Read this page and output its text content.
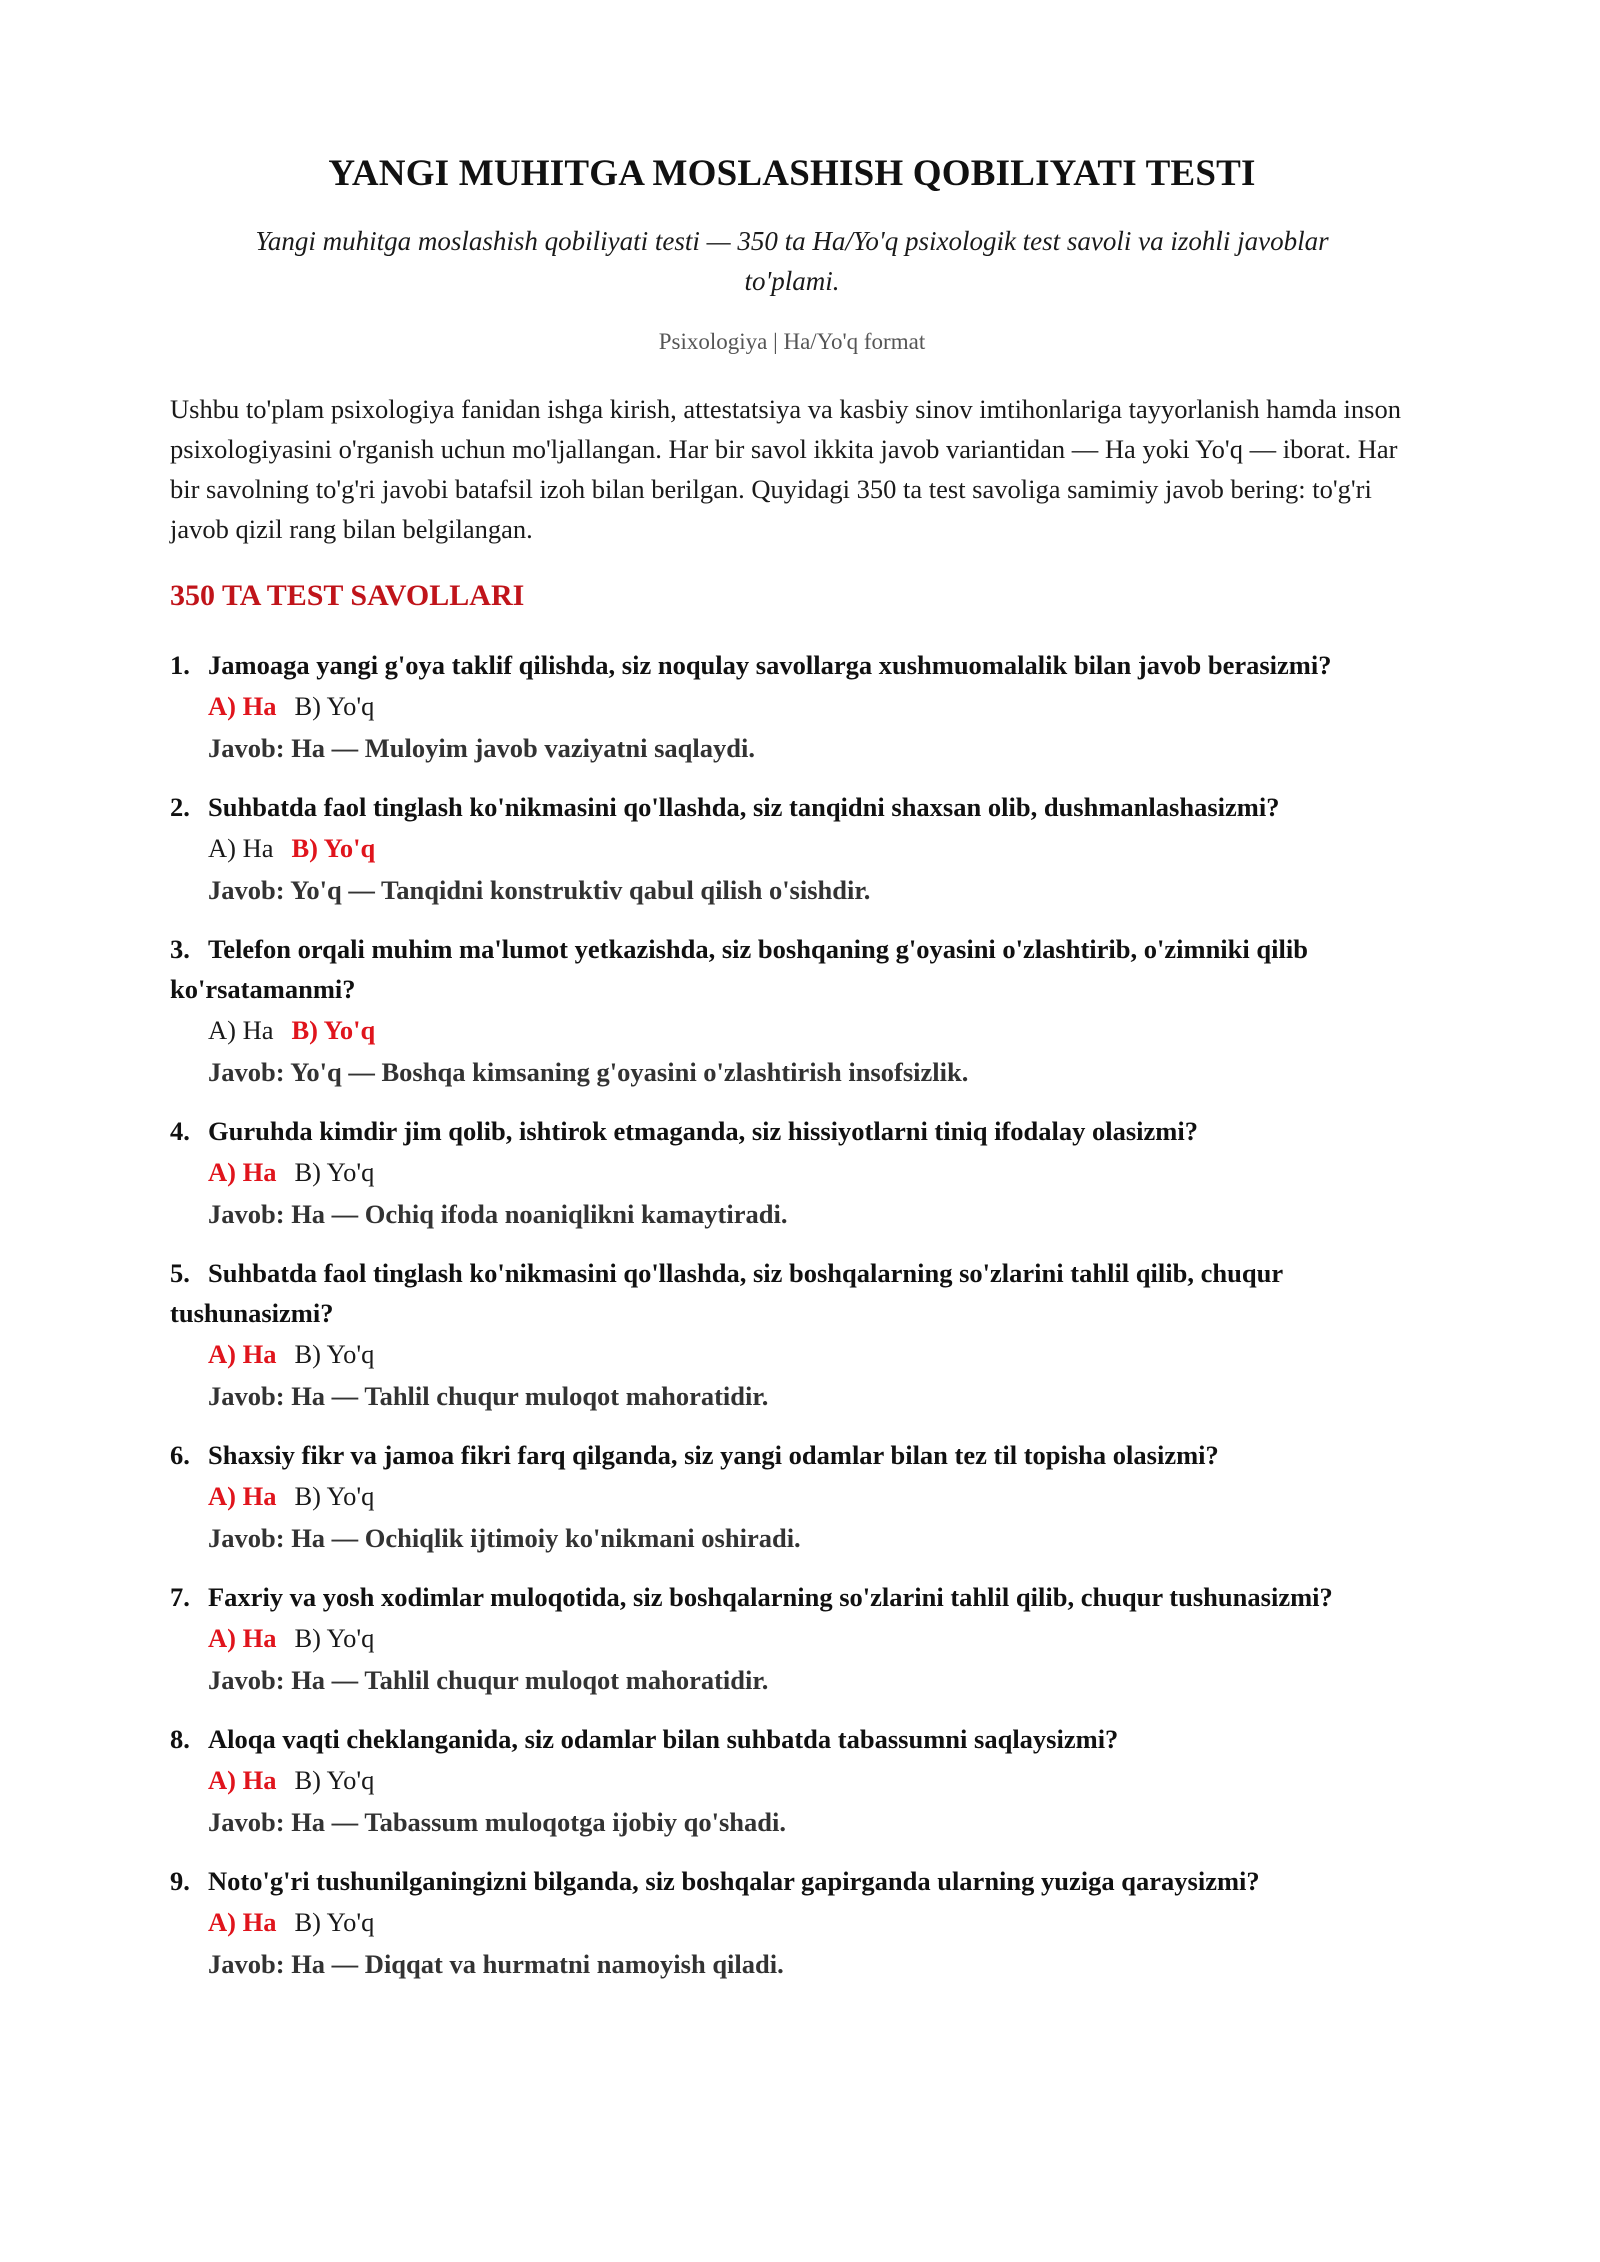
YANGI MUHITGA MOSLASHISH QOBILIYATI TESTI

Yangi muhitga moslashish qobiliyati testi — 350 ta Ha/Yo'q psixologik test savoli va izohli javoblar to'plami.

Psixologiya | Ha/Yo'q format

Ushbu to'plam psixologiya fanidan ishga kirish, attestatsiya va kasbiy sinov imtihonlariga tayyorlanish hamda inson psixologiyasini o'rganish uchun mo'ljallangan. Har bir savol ikkita javob variantidan — Ha yoki Yo'q — iborat. Har bir savolning to'g'ri javobi batafsil izoh bilan berilgan. Quyidagi 350 ta test savoliga samimiy javob bering: to'g'ri javob qizil rang bilan belgilangan.

350 TA TEST SAVOLLARI
1. Jamoaga yangi g'oya taklif qilishda, siz noqulay savollarga xushmuomalalik bilan javob berasizmi?
A) Ha B) Yo'q
Javob: Ha — Muloyim javob vaziyatni saqlaydi.
2. Suhbatda faol tinglash ko'nikmasini qo'llashda, siz tanqidni shaxsan olib, dushmanlashasizmi?
A) Ha B) Yo'q
Javob: Yo'q — Tanqidni konstruktiv qabul qilish o'sishdir.
3. Telefon orqali muhim ma'lumot yetkazishda, siz boshqaning g'oyasini o'zlashtirib, o'zimniki qilib ko'rsatamanmi?
A) Ha B) Yo'q
Javob: Yo'q — Boshqa kimsaning g'oyasini o'zlashtirish insofsizlik.
4. Guruhda kimdir jim qolib, ishtirok etmaganda, siz hissiyotlarni tiniq ifodalay olasizmi?
A) Ha B) Yo'q
Javob: Ha — Ochiq ifoda noaniqlikni kamaytiradi.
5. Suhbatda faol tinglash ko'nikmasini qo'llashda, siz boshqalarning so'zlarini tahlil qilib, chuqur tushunasizmi?
A) Ha B) Yo'q
Javob: Ha — Tahlil chuqur muloqot mahoratidir.
6. Shaxsiy fikr va jamoa fikri farq qilganda, siz yangi odamlar bilan tez til topisha olasizmi?
A) Ha B) Yo'q
Javob: Ha — Ochiqlik ijtimoiy ko'nikmani oshiradi.
7. Faxriy va yosh xodimlar muloqotida, siz boshqalarning so'zlarini tahlil qilib, chuqur tushunasizmi?
A) Ha B) Yo'q
Javob: Ha — Tahlil chuqur muloqot mahoratidir.
8. Aloqa vaqti cheklanganida, siz odamlar bilan suhbatda tabassumni saqlaysizmi?
A) Ha B) Yo'q
Javob: Ha — Tabassum muloqotga ijobiy qo'shadi.
9. Noto'g'ri tushunilganingizni bilganda, siz boshqalar gapirganda ularning yuziga qaraysizmi?
A) Ha B) Yo'q
Javob: Ha — Diqqat va hurmatni namoyish qiladi.
